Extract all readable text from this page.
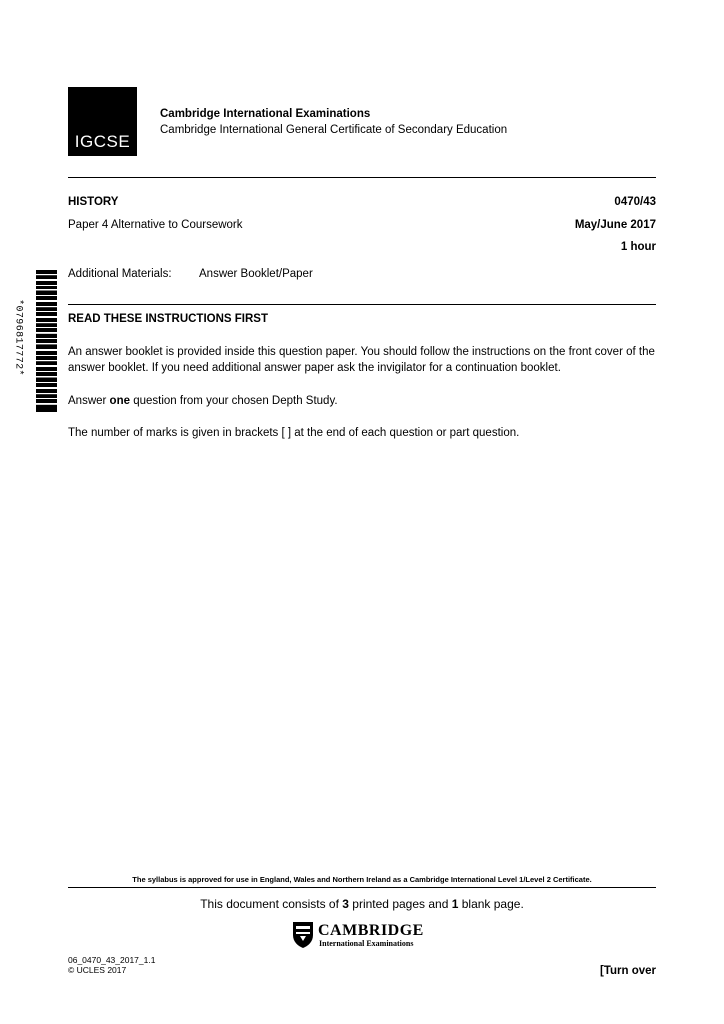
IGCSE
Cambridge International Examinations
Cambridge International General Certificate of Secondary Education
HISTORY	0470/43
Paper 4 Alternative to Coursework	May/June 2017
1 hour
Additional Materials: Answer Booklet/Paper
*0796817772*	READ THESE INSTRUCTIONS FIRST
An answer booklet is provided inside this question paper. You should follow the instructions on the front cover of the answer booklet. If you need additional answer paper ask the invigilator for a continuation booklet.
Answer one question from your chosen Depth Study.
The number of marks is given in brackets [ ] at the end of each question or part question.
The syllabus is approved for use in England, Wales and Northern Ireland as a Cambridge International Level 1/Level 2 Certificate.
This document consists of 3 printed pages and 1 blank page.
CAMBRIDGE
International Examinations
06_0470_43_2017_1.1
© UCLES 2017	[Turn over
